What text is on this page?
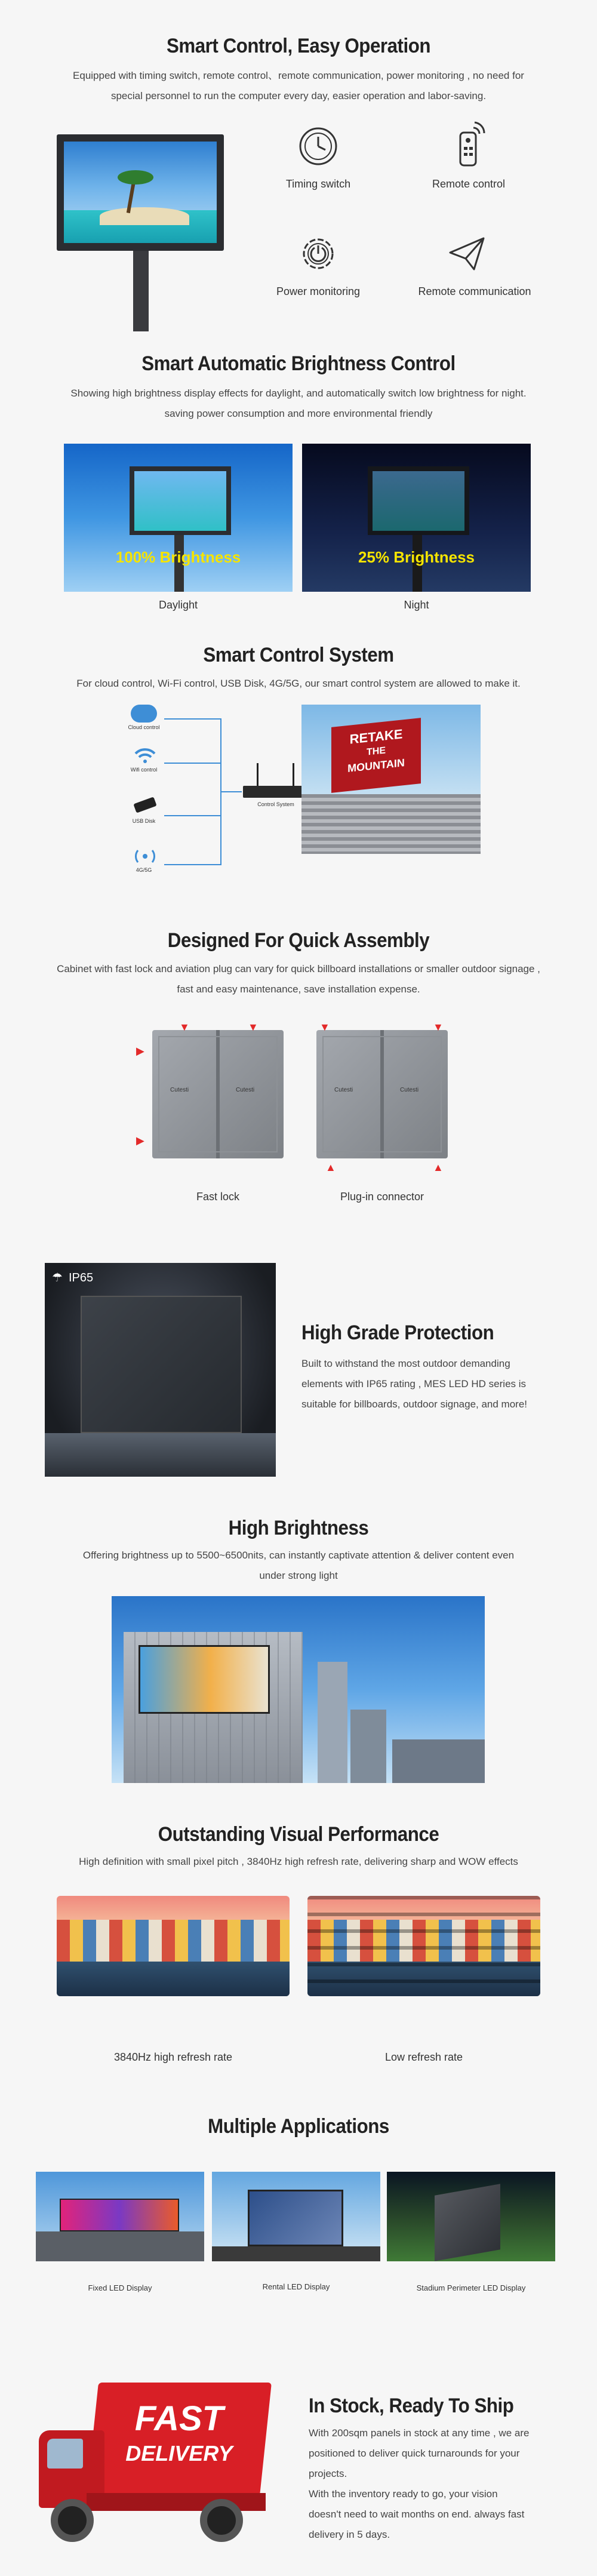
Smart Control, Easy Operation
Equipped with timing switch, remote control、remote communication, power monitoring , no need for
special personnel to run the computer every day, easier operation and labor-saving.
Timing switch	Remote control
Power monitoring	Remote communication
Smart Automatic Brightness Control
Showing high brightness display effects for daylight, and automatically switch low brightness for night.
saving power consumption and more environmental friendly
100% Brightness	25% Brightness
Daylight	Night
Smart Control System
For cloud control, Wi-Fi control, USB Disk, 4G/5G, our smart control system are allowed to make it.
Cloud control
Wifi control
USB Disk
4G/5G
Control System
RETAKE
THE
MOUNTAIN
Designed For Quick Assembly
Cabinet with fast lock and aviation plug can vary for quick billboard installations or smaller outdoor signage ,
fast and easy maintenance, save installation expense.
Cutesti	Cutesti	Cutesti	Cutesti
▼	▼
▶
▶
▼	▼
▲	▲
Fast lock	Plug-in connector
☂ IP65
High Grade Protection
Built to withstand the most outdoor demanding
elements with IP65 rating , MES LED HD series is
suitable for billboards, outdoor signage, and more!
High Brightness
Offering brightness up to 5500~6500nits, can instantly captivate attention & deliver content even
under strong light
Outstanding Visual Performance
High definition with small pixel pitch , 3840Hz high refresh rate, delivering sharp and WOW effects
3840Hz high refresh rate	Low refresh rate
Multiple Applications
Fixed LED Display	Rental LED Display	Stadium Perimeter LED Display
FAST
DELIVERY
In Stock, Ready To Ship
With 200sqm panels in stock at any time , we are
positioned to deliver quick turnarounds for your
projects.
With the inventory ready to go, your vision
doesn't need to wait months on end. always fast
delivery in 5 days.
